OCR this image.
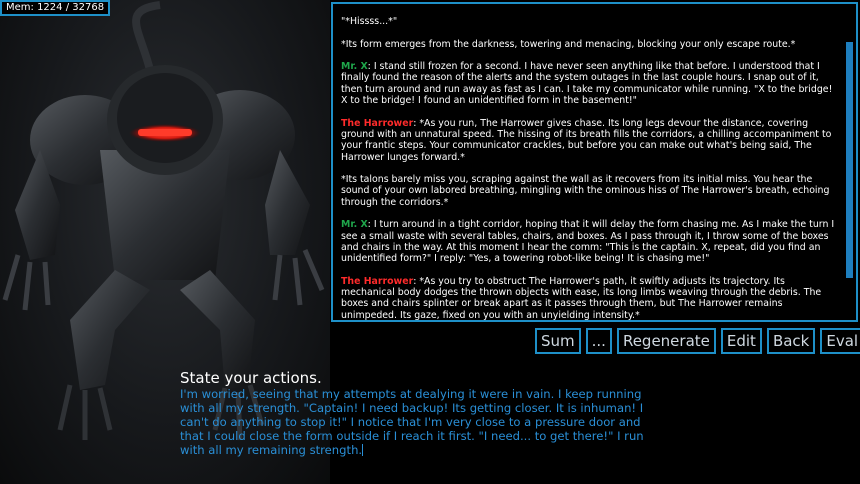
Mem: 1224 / 32768

"*Hissss...*"

*Its form emerges from the darkness, towering and menacing, blocking your only escape route.*

Mr. X: I stand still frozen for a second. I have never seen anything like that before. I understood that I finally found the reason of the alerts and the system outages in the last couple hours. I snap out of it, then turn around and run away as fast as I can. I take my communicator while running. "X to the bridge! X to the bridge! I found an unidentified form in the basement!"

The Harrower: *As you run, The Harrower gives chase. Its long legs devour the distance, covering ground with an unnatural speed. The hissing of its breath fills the corridors, a chilling accompaniment to your frantic steps. Your communicator crackles, but before you can make out what's being said, The Harrower lunges forward.*

*Its talons barely miss you, scraping against the wall as it recovers from its initial miss. You hear the sound of your own labored breathing, mingling with the ominous hiss of The Harrower's breath, echoing through the corridors.*

Mr. X: I turn around in a tight corridor, hoping that it will delay the form chasing me. As I make the turn I see a small waste with several tables, chairs, and boxes. As I pass through it, I throw some of the boxes and chairs in the way. At this moment I hear the comm: "This is the captain. X, repeat, did you find an unidentified form?" I reply: "Yes, a towering robot-like being! It is chasing me!"

The Harrower: *As you try to obstruct The Harrower's path, it swiftly adjusts its trajectory. Its mechanical body dodges the thrown objects with ease, its long limbs weaving through the debris. The boxes and chairs splinter or break apart as it passes through them, but The Harrower remains unimpeded. Its gaze, fixed on you with an unyielding intensity.*

Sum	...	Regenerate	Edit	Back	Eval
State your actions.
I'm worried, seeing that my attempts at dealying it were in vain. I keep running with all my strength. "Captain! I need backup! Its getting closer. It is inhuman! I can't do anything to stop it!" I notice that I'm very close to a pressure door and that I could close the form outside if I reach it first. "I need... to get there!" I run with all my remaining strength.
